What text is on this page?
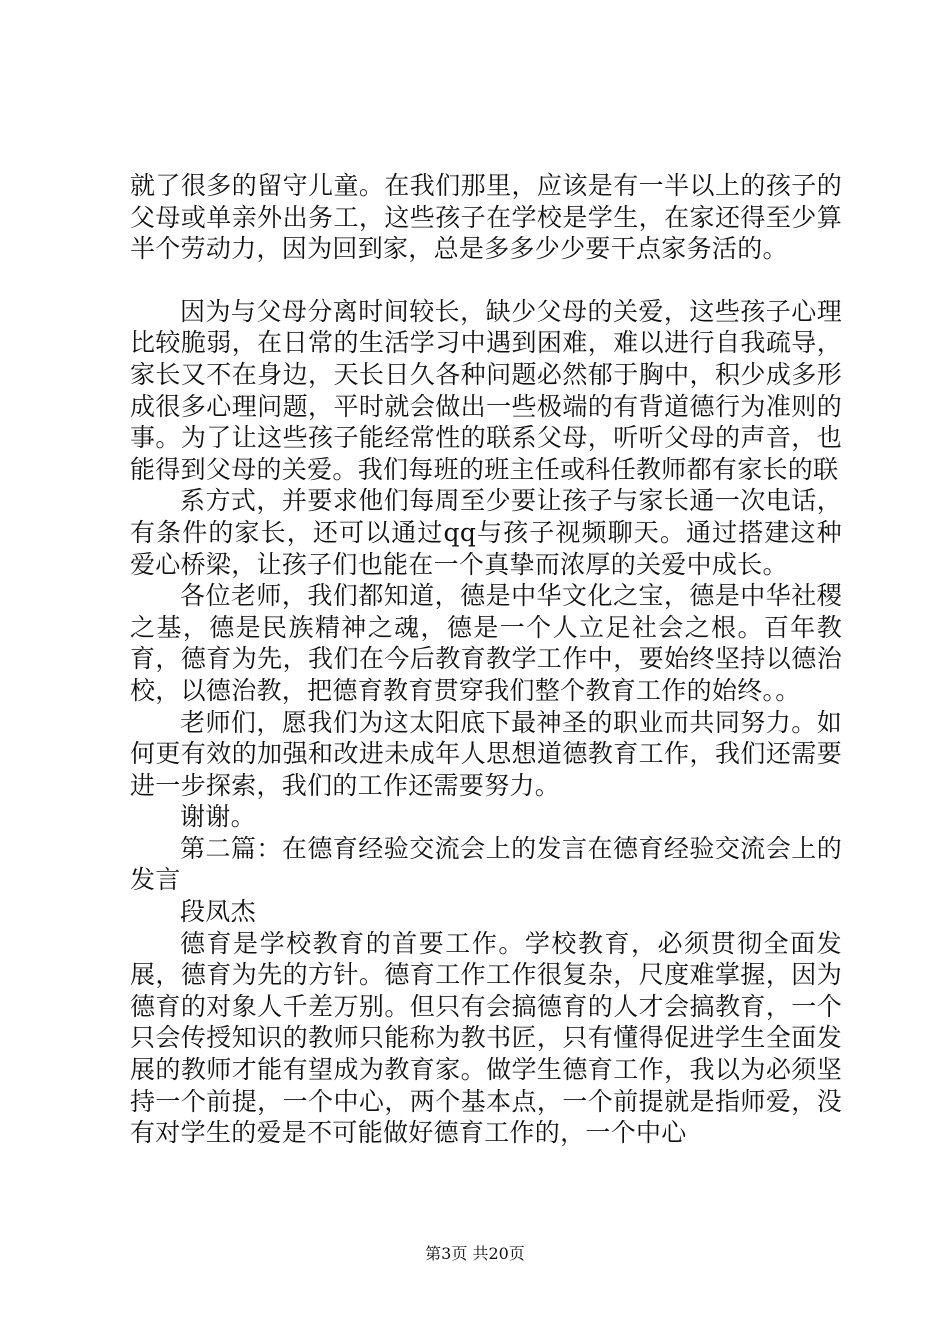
就了很多的留守儿童。在我们那里，应该是有一半以上的孩子的父母或单亲外出务工，这些孩子在学校是学生，在家还得至少算半个劳动力，因为回到家，总是多多少少要干点家务活的。

因为与父母分离时间较长，缺少父母的关爱，这些孩子心理比较脆弱，在日常的生活学习中遇到困难，难以进行自我疏导，家长又不在身边，天长日久各种问题必然郁于胸中，积少成多形成很多心理问题，平时就会做出一些极端的有背道德行为准则的事。为了让这些孩子能经常性的联系父母，听听父母的声音，也能得到父母的关爱。我们每班的班主任或科任教师都有家长的联

系方式，并要求他们每周至少要让孩子与家长通一次电话，有条件的家长，还可以通过qq与孩子视频聊天。通过搭建这种爱心桥梁，让孩子们也能在一个真挚而浓厚的关爱中成长。

各位老师，我们都知道，德是中华文化之宝，德是中华社稷之基，德是民族精神之魂，德是一个人立足社会之根。百年教育，德育为先，我们在今后教育教学工作中，要始终坚持以德治校，以德治教，把德育教育贯穿我们整个教育工作的始终。。

老师们，愿我们为这太阳底下最神圣的职业而共同努力。如何更有效的加强和改进未成年人思想道德教育工作，我们还需要进一步探索，我们的工作还需要努力。

谢谢。

第二篇：在德育经验交流会上的发言在德育经验交流会上的发言

段凤杰

德育是学校教育的首要工作。学校教育，必须贯彻全面发展，德育为先的方针。德育工作工作很复杂，尺度难掌握，因为德育的对象人千差万别。但只有会搞德育的人才会搞教育，一个只会传授知识的教师只能称为教书匠，只有懂得促进学生全面发展的教师才能有望成为教育家。做学生德育工作，我以为必须坚持一个前提，一个中心，两个基本点，一个前提就是指师爱，没有对学生的爱是不可能做好德育工作的，一个中心

第3页 共20页
